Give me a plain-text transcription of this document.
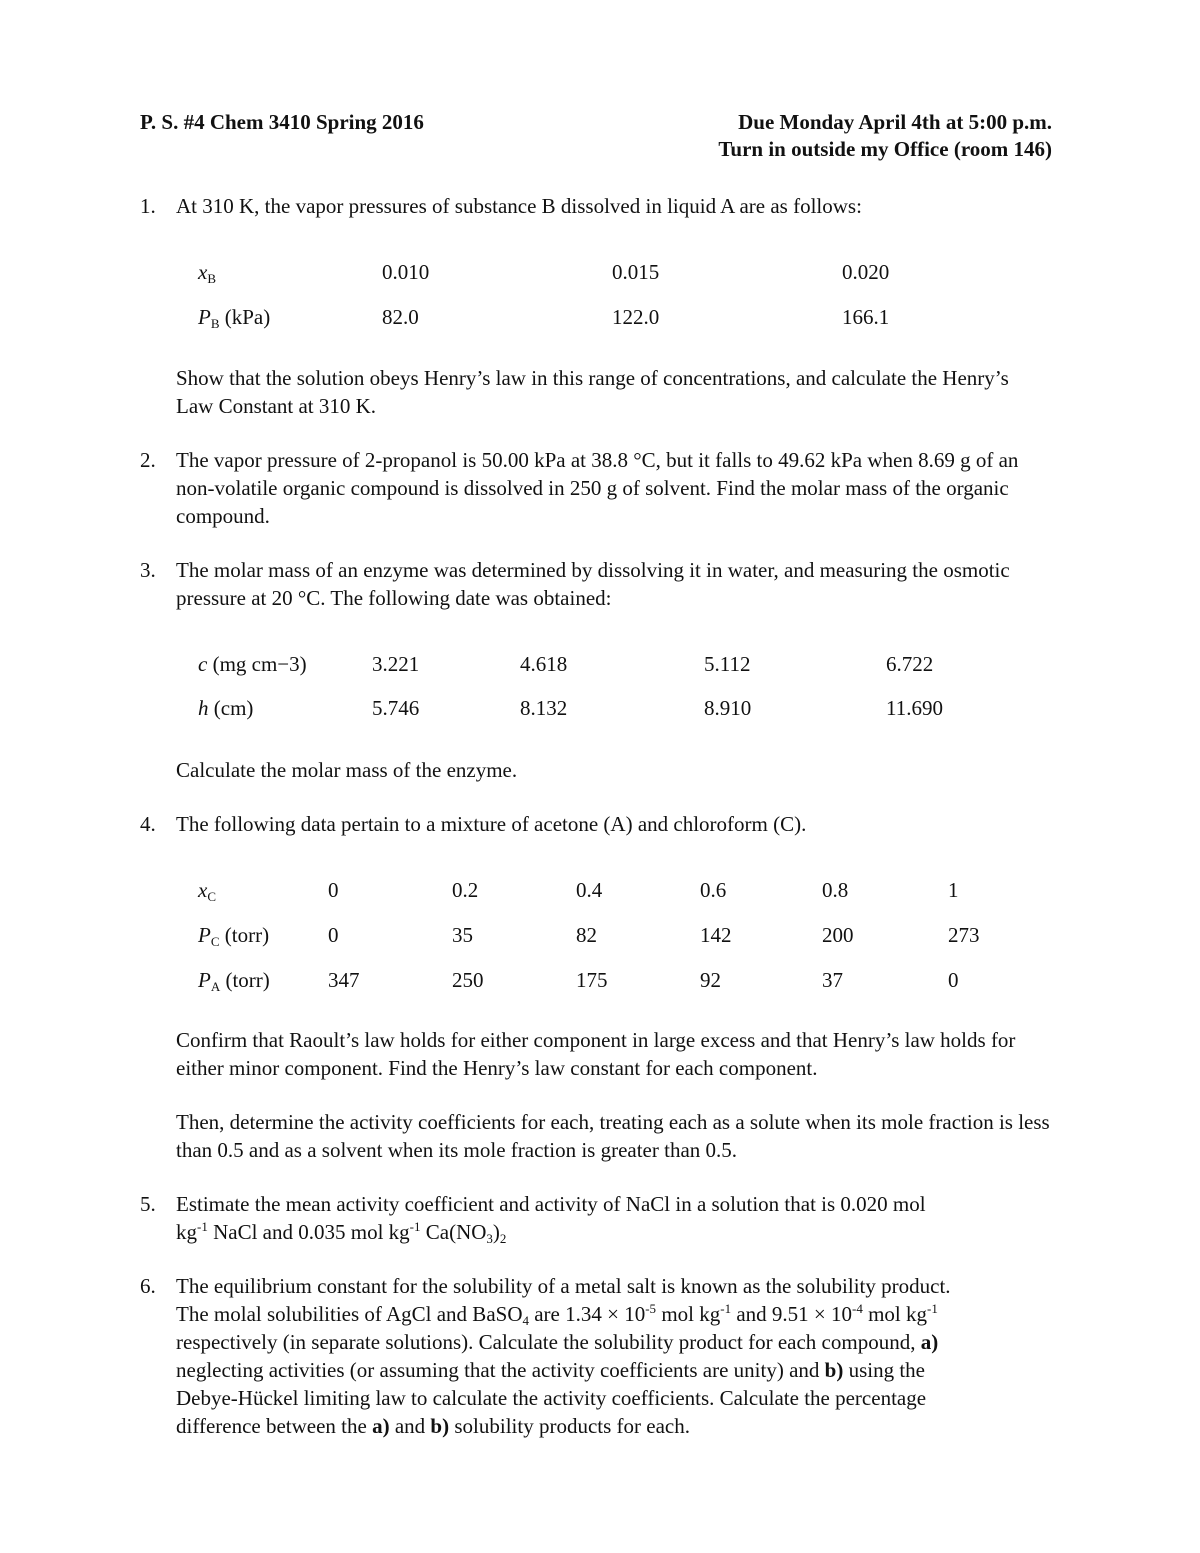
P. S. #4 Chem 3410 Spring 2016	Due Monday April 4th at 5:00 p.m.
Turn in outside my Office (room 146)
1. At 310 K, the vapor pressures of substance B dissolved in liquid A are as follows:
$x_B$	0.010	0.015	0.020
$P_B$ (kPa)	82.0	122.0	166.1
Show that the solution obeys Henry’s law in this range of concentrations, and calculate the Henry’s Law Constant at 310 K.
2. The vapor pressure of 2-propanol is 50.00 kPa at 38.8 °C, but it falls to 49.62 kPa when 8.69 g of an non-volatile organic compound is dissolved in 250 g of solvent. Find the molar mass of the organic compound.
3. The molar mass of an enzyme was determined by dissolving it in water, and measuring the osmotic pressure at 20 °C. The following date was obtained:
c (mg cm−3)	3.221	4.618	5.112	6.722
h (cm)	5.746	8.132	8.910	11.690
Calculate the molar mass of the enzyme.
4. The following data pertain to a mixture of acetone (A) and chloroform (C).
$x_C$	0	0.2	0.4	0.6	0.8	1
$P_C$ (torr)	0	35	82	142	200	273
$P_A$ (torr)	347	250	175	92	37	0
Confirm that Raoult’s law holds for either component in large excess and that Henry’s law holds for either minor component. Find the Henry’s law constant for each component.
Then, determine the activity coefficients for each, treating each as a solute when its mole fraction is less than 0.5 and as a solvent when its mole fraction is greater than 0.5.
5. Estimate the mean activity coefficient and activity of NaCl in a solution that is 0.020 mol
$kg^{-1}$ NaCl and 0.035 mol $kg^{-1}$ $Ca(NO_3)_2$
6. The equilibrium constant for the solubility of a metal salt is known as the solubility product.
The molal solubilities of AgCl and BaSO$_4$ are $1.34 \times 10^{-5}$ mol $kg^{-1}$ and $9.51 \times 10^{-4}$ mol $kg^{-1}$
respectively (in separate solutions). Calculate the solubility product for each compound, a)
neglecting activities (or assuming that the activity coefficients are unity) and b) using the
Debye-Hückel limiting law to calculate the activity coefficients. Calculate the percentage
difference between the a) and b) solubility products for each.
